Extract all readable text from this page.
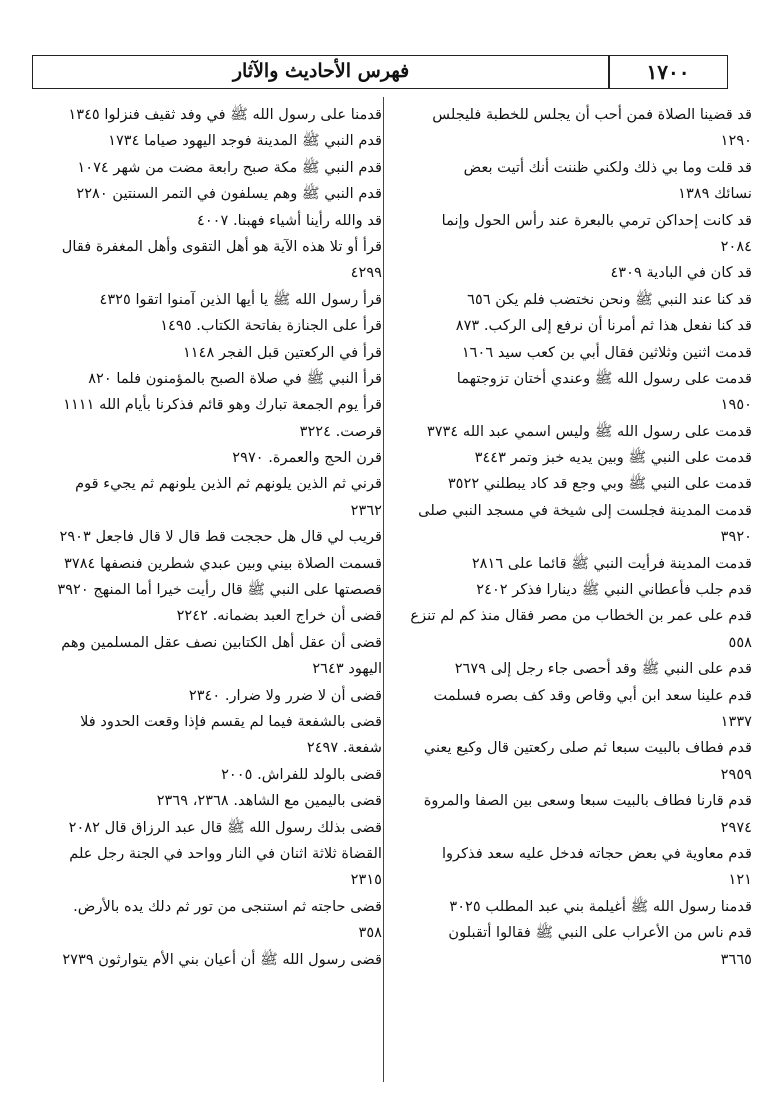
١٧٠٠
فهرس الأحاديث والآثار
قد قضينا الصلاة فمن أحب أن يجلس للخطبة فليجلس
١٢٩٠
قد قلت وما بي ذلك ولكني ظننت أنك أتيت بعض
نسائك ١٣٨٩
قد كانت إحداكن ترمي بالبعرة عند رأس الحول وإنما
٢٠٨٤
قد كان في البادية ٤٣٠٩
قد كنا عند النبي ﷺ ونحن نختضب فلم يكن ٦٥٦
قد كنا نفعل هذا ثم أمرنا أن نرفع إلى الركب. ٨٧٣
قدمت اثنين وثلاثين فقال أبي بن كعب سيد ١٦٠٦
قدمت على رسول الله ﷺ وعندي أختان تزوجتهما
١٩٥٠
قدمت على رسول الله ﷺ وليس اسمي عبد الله ٣٧٣٤
قدمت على النبي ﷺ وبين يديه خبز وتمر ٣٤٤٣
قدمت على النبي ﷺ وبي وجع قد كاد يبطلني ٣٥٢٢
قدمت المدينة فجلست إلى شيخة في مسجد النبي صلى
٣٩٢٠
قدمت المدينة فرأيت النبي ﷺ قائما على ٢٨١٦
قدم جلب فأعطاني النبي ﷺ دينارا فذكر ٢٤٠٢
قدم على عمر بن الخطاب من مصر فقال منذ كم لم تنزع
٥٥٨
قدم على النبي ﷺ وقد أحصى جاء رجل إلى ٢٦٧٩
قدم علينا سعد ابن أبي وقاص وقد كف بصره فسلمت
١٣٣٧
قدم فطاف بالبيت سبعا ثم صلى ركعتين قال وكيع يعني
٢٩٥٩
قدم قارنا فطاف بالبيت سبعا وسعى بين الصفا والمروة
٢٩٧٤
قدم معاوية في بعض حجاته فدخل عليه سعد فذكروا
١٢١
قدمنا رسول الله ﷺ أغيلمة بني عبد المطلب ٣٠٢٥
قدم ناس من الأعراب على النبي ﷺ فقالوا أتقبلون
٣٦٦٥
قدمنا على رسول الله ﷺ في وفد ثقيف فنزلوا ١٣٤٥
قدم النبي ﷺ المدينة فوجد اليهود صياما ١٧٣٤
قدم النبي ﷺ مكة صبح رابعة مضت من شهر ١٠٧٤
قدم النبي ﷺ وهم يسلفون في التمر السنتين ٢٢٨٠
قد والله رأينا أشياء فهبنا. ٤٠٠٧
قرأ أو تلا هذه الآية هو أهل التقوى وأهل المغفرة فقال
٤٢٩٩
قرأ رسول الله ﷺ يا أيها الذين آمنوا اتقوا ٤٣٢٥
قرأ على الجنازة بفاتحة الكتاب. ١٤٩٥
قرأ في الركعتين قبل الفجر ١١٤٨
قرأ النبي ﷺ في صلاة الصبح بالمؤمنون فلما ٨٢٠
قرأ يوم الجمعة تبارك وهو قائم فذكرنا بأيام الله ١١١١
قرصت. ٣٢٢٤
قرن الحج والعمرة. ٢٩٧٠
قرني ثم الذين يلونهم ثم الذين يلونهم ثم يجيء قوم
٢٣٦٢
قريب لي قال هل حججت قط قال لا قال فاجعل ٢٩٠٣
قسمت الصلاة بيني وبين عبدي شطرين فنصفها ٣٧٨٤
قصصتها على النبي ﷺ قال رأيت خيرا أما المنهج ٣٩٢٠
قضى أن خراج العبد بضمانه. ٢٢٤٢
قضى أن عقل أهل الكتابين نصف عقل المسلمين وهم
اليهود ٢٦٤٣
قضى أن لا ضرر ولا ضرار. ٢٣٤٠
قضى بالشفعة فيما لم يقسم فإذا وقعت الحدود فلا
شفعة. ٢٤٩٧
قضى بالولد للفراش. ٢٠٠٥
قضى باليمين مع الشاهد. ٢٣٦٨، ٢٣٦٩
قضى بذلك رسول الله ﷺ قال عبد الرزاق قال ٢٠٨٢
القضاة ثلاثة اثنان في النار وواحد في الجنة رجل علم
٢٣١٥
قضى حاجته ثم استنجى من تور ثم دلك يده بالأرض.
٣٥٨
قضى رسول الله ﷺ أن أعيان بني الأم يتوارثون ٢٧٣٩
